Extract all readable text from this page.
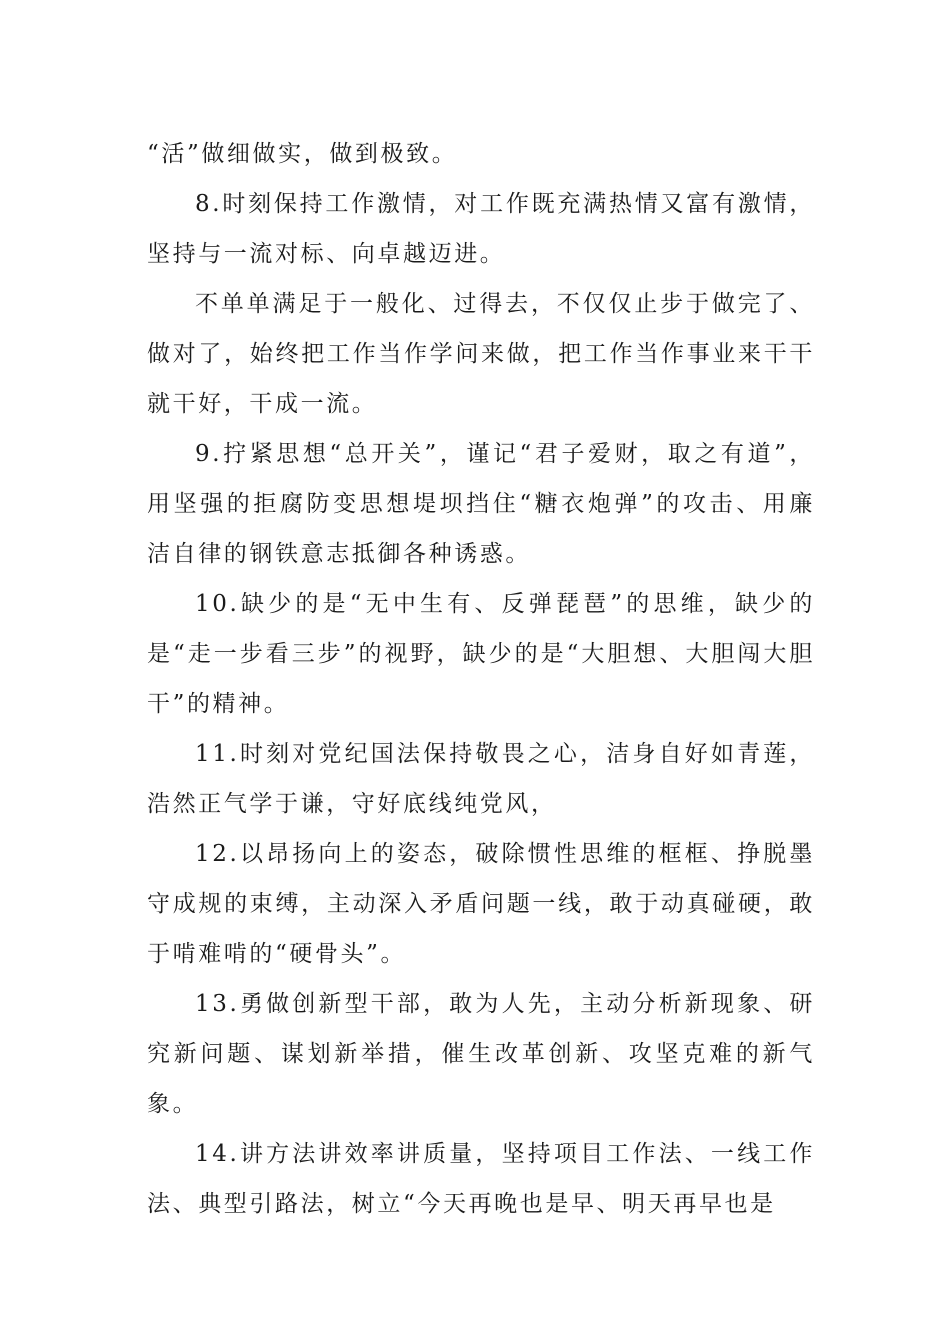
“活”做细做实，做到极致。

8.时刻保持工作激情，对工作既充满热情又富有激情，坚持与一流对标、向卓越迈进。

不单单满足于一般化、过得去，不仅仅止步于做完了、做对了，始终把工作当作学问来做，把工作当作事业来干干就干好，干成一流。

9.拧紧思想“总开关”，谨记“君子爱财，取之有道”，用坚强的拒腐防变思想堤坝挡住“糖衣炮弹”的攻击、用廉洁自律的钢铁意志抵御各种诱惑。

10.缺少的是“无中生有、反弹琵琶”的思维，缺少的是“走一步看三步”的视野，缺少的是“大胆想、大胆闯大胆干”的精神。

11.时刻对党纪国法保持敬畏之心，洁身自好如青莲，浩然正气学于谦，守好底线纯党风，

12.以昂扬向上的姿态，破除惯性思维的框框、挣脱墨守成规的束缚，主动深入矛盾问题一线，敢于动真碰硬，敢于啃难啃的“硬骨头”。

13.勇做创新型干部，敢为人先，主动分析新现象、研究新问题、谋划新举措，催生改革创新、攻坚克难的新气象。

14.讲方法讲效率讲质量，坚持项目工作法、一线工作法、典型引路法，树立“今天再晚也是早、明天再早也是
